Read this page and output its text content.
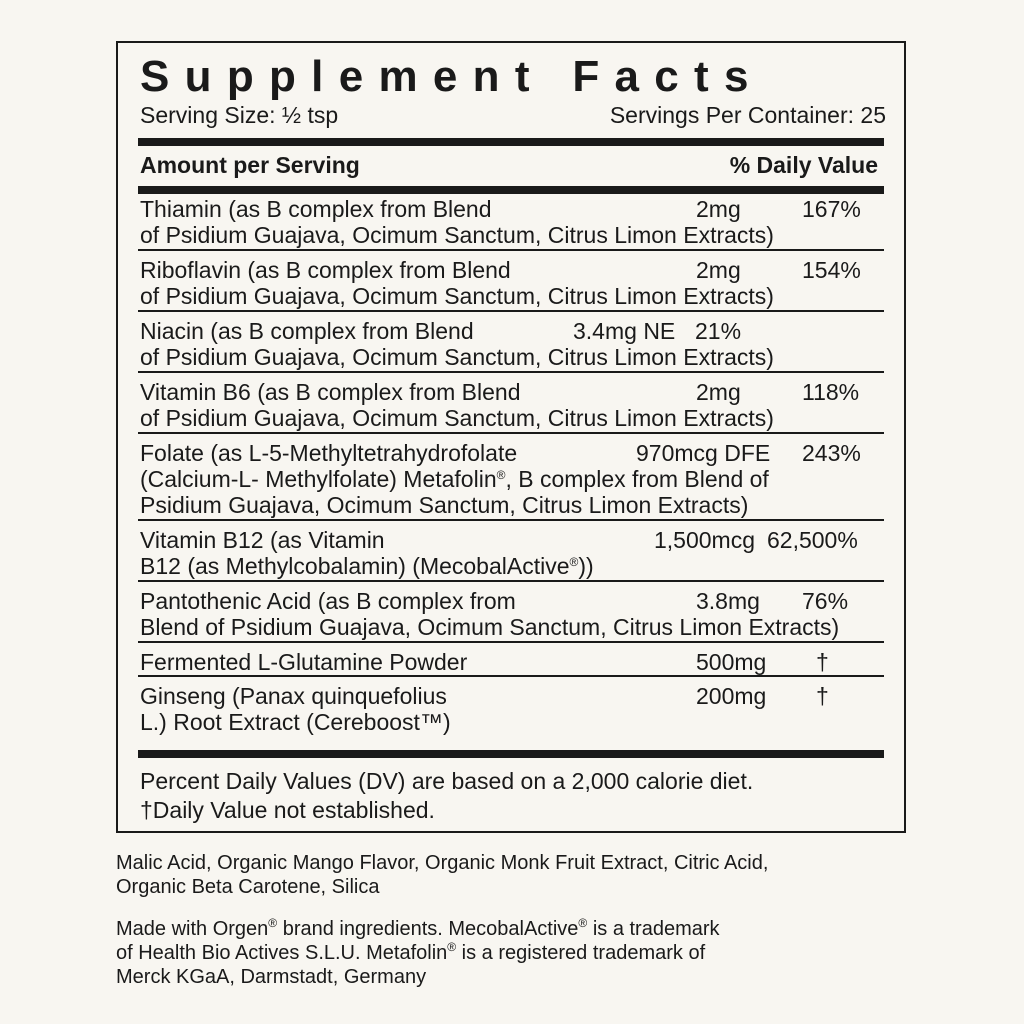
Supplement Facts
Serving Size: ½ tsp	Servings Per Container: 25
Amount per Serving	% Daily Value
Thiamin (as B complex from Blend	2mg	167%
of Psidium Guajava, Ocimum Sanctum, Citrus Limon Extracts)
Riboflavin (as B complex from Blend	2mg	154%
of Psidium Guajava, Ocimum Sanctum, Citrus Limon Extracts)
Niacin (as B complex from Blend	3.4mg NE 21%
of Psidium Guajava, Ocimum Sanctum, Citrus Limon Extracts)
Vitamin B6 (as B complex from Blend	2mg	118%
of Psidium Guajava, Ocimum Sanctum, Citrus Limon Extracts)
Folate (as L-5-Methyltetrahydrofolate	970mcg DFE 243%
(Calcium-L- Methylfolate) Metafolin®, B complex from Blend of
Psidium Guajava, Ocimum Sanctum, Citrus Limon Extracts)
Vitamin B12 (as Vitamin	1,500mcg 62,500%
B12 (as Methylcobalamin) (MecobalActive®))
Pantothenic Acid (as B complex from	3.8mg 76%
Blend of Psidium Guajava, Ocimum Sanctum, Citrus Limon Extracts)
Fermented L-Glutamine Powder	500mg †
Ginseng (Panax quinquefolius	200mg †
L.) Root Extract (Cereboost™)
Percent Daily Values (DV) are based on a 2,000 calorie diet.
†Daily Value not established.
Malic Acid, Organic Mango Flavor, Organic Monk Fruit Extract, Citric Acid,
Organic Beta Carotene, Silica
Made with Orgen® brand ingredients. MecobalActive® is a trademark
of Health Bio Actives S.L.U. Metafolin® is a registered trademark of
Merck KGaA, Darmstadt, Germany
